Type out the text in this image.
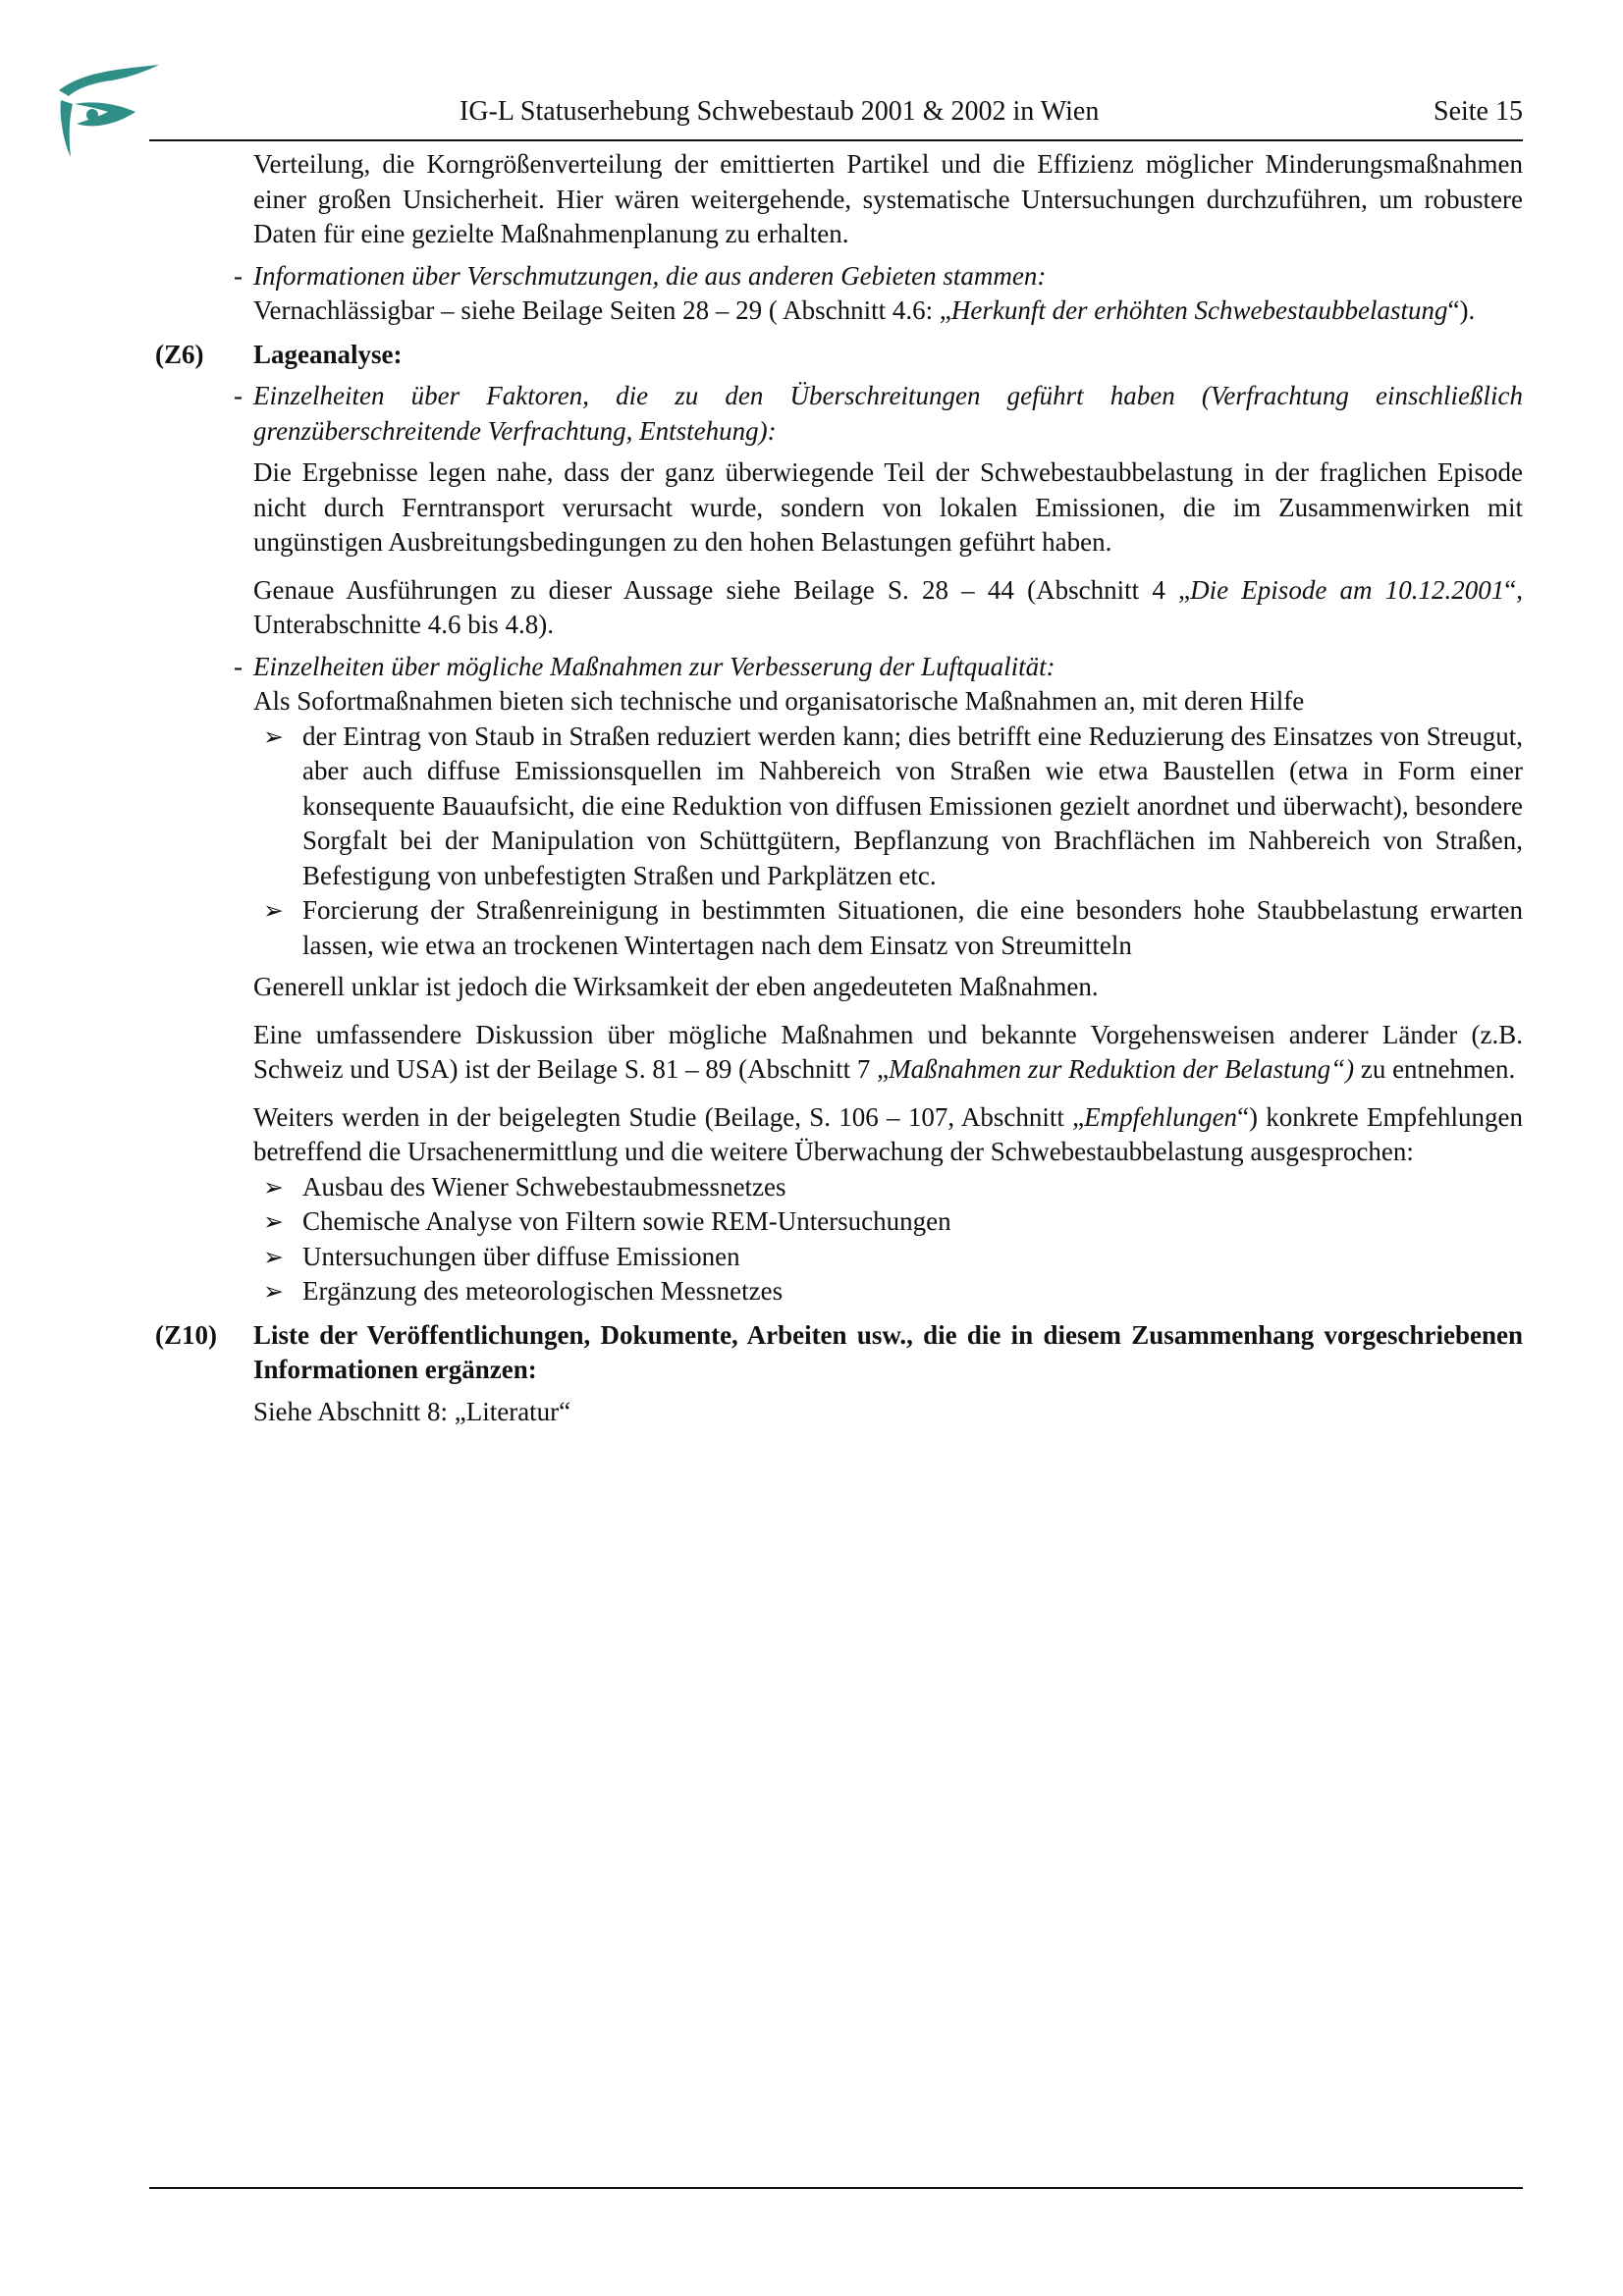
IG-L Statuserhebung Schwebestaub 2001 & 2002 in Wien	Seite 15

Verteilung, die Korngrößenverteilung der emittierten Partikel und die Effizienz möglicher Minderungsmaßnahmen einer großen Unsicherheit. Hier wären weitergehende, systematische Untersuchungen durchzuführen, um robustere Daten für eine gezielte Maßnahmenplanung zu erhalten.

- Informationen über Verschmutzungen, die aus anderen Gebieten stammen:

Vernachlässigbar – siehe Beilage Seiten 28 – 29 ( Abschnitt 4.6: „Herkunft der erhöhten Schwebestaubbelastung“).

(Z6) Lageanalyse:
- Einzelheiten über Faktoren, die zu den Überschreitungen geführt haben (Verfrachtung einschließlich grenzüberschreitende Verfrachtung, Entstehung):

Die Ergebnisse legen nahe, dass der ganz überwiegende Teil der Schwebestaubbelastung in der fraglichen Episode nicht durch Ferntransport verursacht wurde, sondern von lokalen Emissionen, die im Zusammenwirken mit ungünstigen Ausbreitungsbedingungen zu den hohen Belastungen geführt haben.

Genaue Ausführungen zu dieser Aussage siehe Beilage S. 28 – 44 (Abschnitt 4 „Die Episode am 10.12.2001“, Unterabschnitte 4.6 bis 4.8).

- Einzelheiten über mögliche Maßnahmen zur Verbesserung der Luftqualität:

Als Sofortmaßnahmen bieten sich technische und organisatorische Maßnahmen an, mit deren Hilfe

➢ der Eintrag von Staub in Straßen reduziert werden kann; dies betrifft eine Reduzierung des Einsatzes von Streugut, aber auch diffuse Emissionsquellen im Nahbereich von Straßen wie etwa Baustellen (etwa in Form einer konsequente Bauaufsicht, die eine Reduktion von diffusen Emissionen gezielt anordnet und überwacht), besondere Sorgfalt bei der Manipulation von Schüttgütern, Bepflanzung von Brachflächen im Nahbereich von Straßen, Befestigung von unbefestigten Straßen und Parkplätzen etc.
➢ Forcierung der Straßenreinigung in bestimmten Situationen, die eine besonders hohe Staubbelastung erwarten lassen, wie etwa an trockenen Wintertagen nach dem Einsatz von Streumitteln

Generell unklar ist jedoch die Wirksamkeit der eben angedeuteten Maßnahmen.

Eine umfassendere Diskussion über mögliche Maßnahmen und bekannte Vorgehensweisen anderer Länder (z.B. Schweiz und USA) ist der Beilage S. 81 – 89 (Abschnitt 7 „Maßnahmen zur Reduktion der Belastung“) zu entnehmen.

Weiters werden in der beigelegten Studie (Beilage, S. 106 – 107, Abschnitt „Empfehlungen“) konkrete Empfehlungen betreffend die Ursachenermittlung und die weitere Überwachung der Schwebestaubbelastung ausgesprochen:

➢ Ausbau des Wiener Schwebestaubmessnetzes
➢ Chemische Analyse von Filtern sowie REM-Untersuchungen
➢ Untersuchungen über diffuse Emissionen
➢ Ergänzung des meteorologischen Messnetzes
(Z10) Liste der Veröffentlichungen, Dokumente, Arbeiten usw., die die in diesem Zusammenhang vorgeschriebenen Informationen ergänzen:

Siehe Abschnitt 8: „Literatur“
